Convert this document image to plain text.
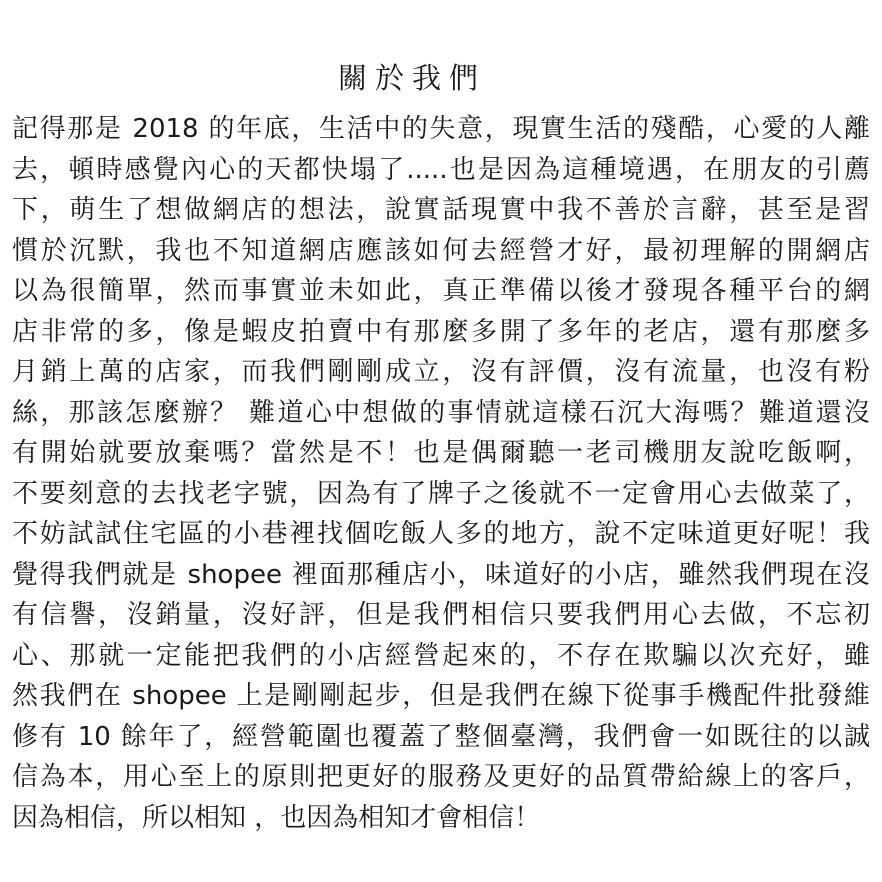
關於我們
記得那是 2018 的年底，生活中的失意，現實生活的殘酷，心愛的人離
去，頓時感覺內心的天都快塌了.....也是因為這種境遇，在朋友的引薦
下，萌生了想做網店的想法，說實話現實中我不善於言辭，甚至是習
慣於沉默，我也不知道網店應該如何去經營才好，最初理解的開網店
以為很簡單，然而事實並未如此，真正準備以後才發現各種平台的網
店非常的多，像是蝦皮拍賣中有那麼多開了多年的老店，還有那麼多
月銷上萬的店家，而我們剛剛成立，沒有評價，沒有流量，也沒有粉
絲，那該怎麼辦？ 難道心中想做的事情就這樣石沉大海嗎？難道還沒
有開始就要放棄嗎？當然是不！也是偶爾聽一老司機朋友說吃飯啊，
不要刻意的去找老字號，因為有了牌子之後就不一定會用心去做菜了，
不妨試試住宅區的小巷裡找個吃飯人多的地方，說不定味道更好呢！我
覺得我們就是 shopee 裡面那種店小，味道好的小店，雖然我們現在沒
有信譽，沒銷量，沒好評，但是我們相信只要我們用心去做，不忘初
心、那就一定能把我們的小店經營起來的，不存在欺騙以次充好，雖
然我們在 shopee 上是剛剛起步，但是我們在線下從事手機配件批發維
修有 10 餘年了，經營範圍也覆蓋了整個臺灣，我們會一如既往的以誠
信為本，用心至上的原則把更好的服務及更好的品質帶給線上的客戶，
因為相信，所以相知 ，也因為相知才會相信！
